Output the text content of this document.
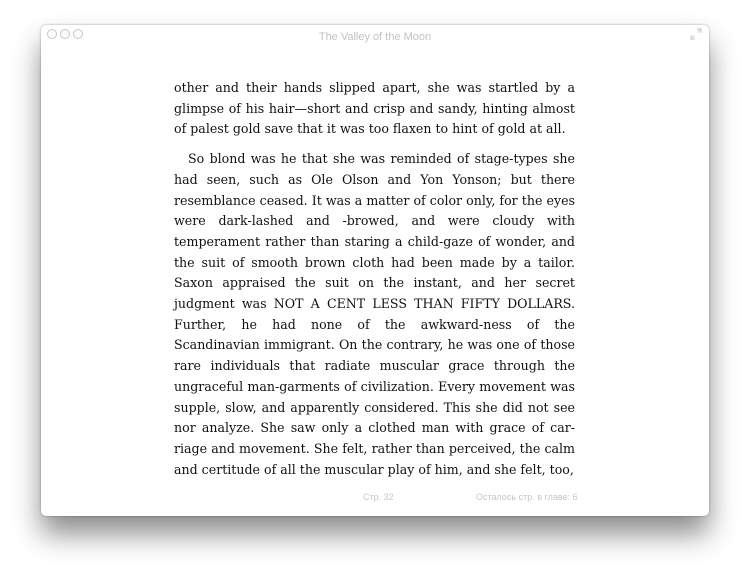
The Valley of the Moon

other and their hands slipped apart, she was startled by a glimpse of his hair—short and crisp and sandy, hinting almost of palest gold save that it was too flaxen to hint of gold at all.

So blond was he that she was reminded of stage-types she had seen, such as Ole Olson and Yon Yonson; but there resemblance ceased. It was a matter of color only, for the eyes were dark-lashed and -browed, and were cloudy with temperament rather than staring a child-gaze of wonder, and the suit of smooth brown cloth had been made by a tailor. Saxon appraised the suit on the instant, and her secret judgment was NOT A CENT LESS THAN FIFTY DOLLARS. Further, he had none of the awkward-ness of the Scandinavian immigrant. On the contrary, he was one of those rare individuals that radiate muscular grace through the ungraceful man-garments of civilization. Every movement was supple, slow, and apparently considered. This she did not see nor analyze. She saw only a clothed man with grace of car-riage and movement. She felt, rather than perceived, the calm and certitude of all the muscular play of him, and she felt, too,

Стр. 32	Осталось стр. в главе: 6
